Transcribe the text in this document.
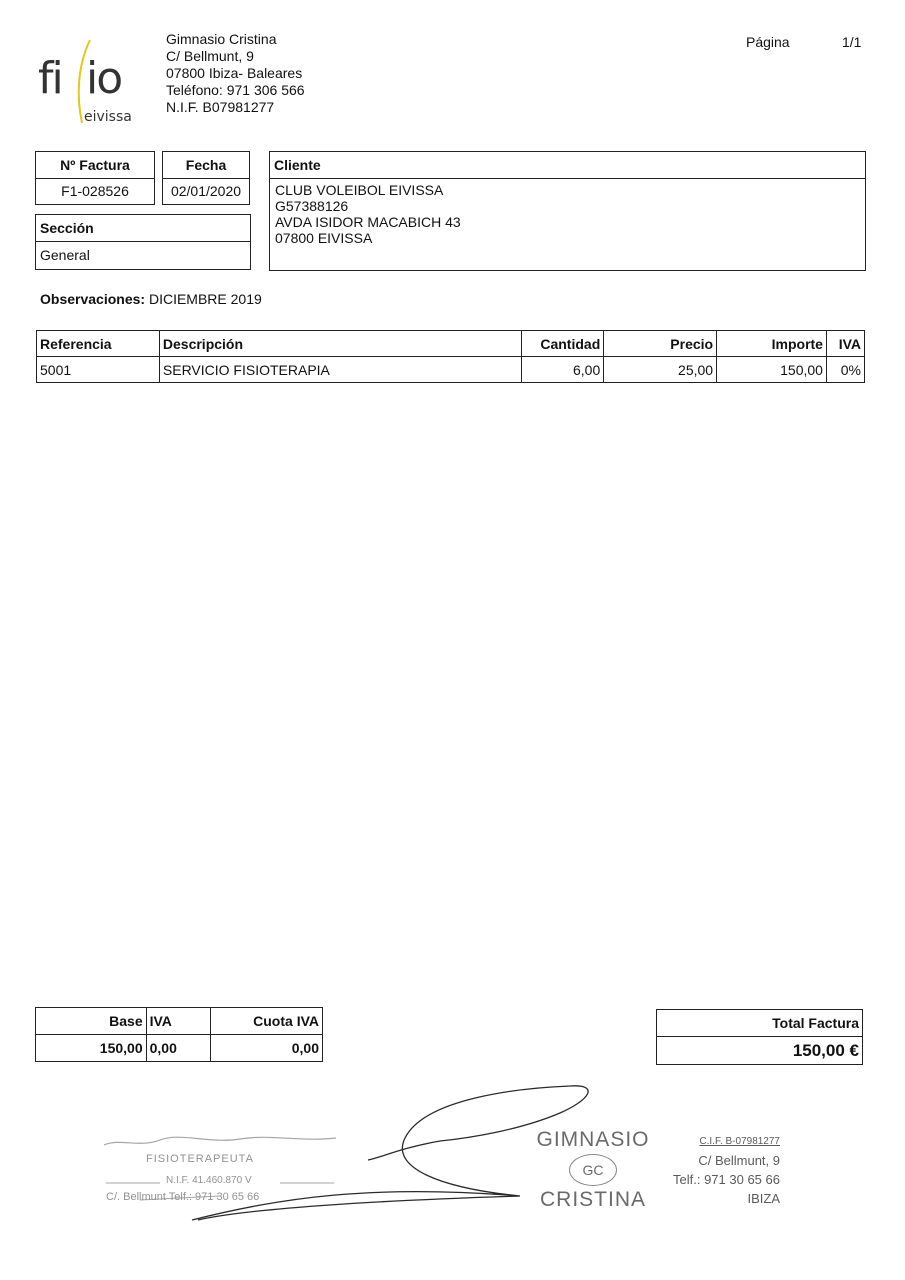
fi io
eivissa
Gimnasio Cristina
C/ Bellmunt, 9
07800 Ibiza- Baleares
Teléfono: 971 306 566
N.I.F. B07981277
Página	1/1
Nº Factura
F1-028526
Fecha
02/01/2020
Sección
General
Cliente
CLUB VOLEIBOL EIVISSA
G57388126
AVDA ISIDOR MACABICH 43
07800 EIVISSA
Observaciones: DICIEMBRE 2019
Referencia	Descripción	Cantidad	Precio	Importe	IVA
5001	SERVICIO FISIOTERAPIA	6,00	25,00	150,00	0%
Base	IVA	Cuota IVA
150,00	0,00	0,00
Total Factura
150,00 €
FISIOTERAPEUTA
N.I.F. 41.460.870 V
C/. Bellmunt Telf.: 971 30 65 66
GIMNASIO
GC
CRISTINA
C.I.F. B-07981277
C/ Bellmunt, 9
Telf.: 971 30 65 66
IBIZA
